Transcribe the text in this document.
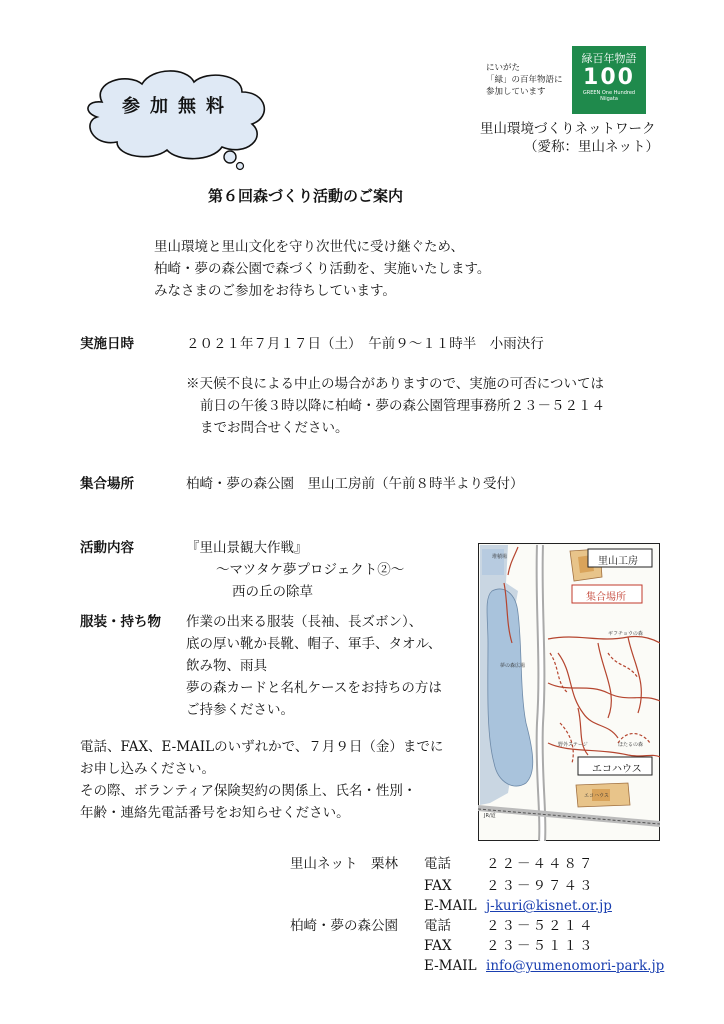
参加無料
にいがた
「緑」の百年物語に
参加しています
緑百年物語
100
GREEN One Hundred
Niigata
里山環境づくりネットワーク
（愛称：里山ネット）
第６回森づくり活動のご案内
里山環境と里山文化を守り次世代に受け継ぐため、
柏崎・夢の森公園で森づくり活動を、実施いたします。
みなさまのご参加をお待ちしています。
実施日時	２０２１年７月１７日（土）　午前９～１１時半　小雨決行
※天候不良による中止の場合がありますので、実施の可否については
前日の午後３時以降に柏崎・夢の森公園管理事務所２３－５２１４
までお問合せください。
集合場所	柏崎・夢の森公園　里山工房前（午前８時半より受付）
活動内容	『里山景観大作戦』
～マツタケ夢プロジェクト②～
西の丘の除草
服装・持ち物 作業の出来る服装（長袖、長ズボン）、
底の厚い靴か長靴、帽子、軍手、タオル、
飲み物、雨具
夢の森カードと名札ケースをお持ちの方は
ご持参ください。
電話、FAX、E-MAILのいずれかで、７月９日（金）までに
お申し込みください。
その際、ボランティア保険契約の関係上、氏名・性別・
年齢・連絡先電話番号をお知らせください。
堆積場
ギフチョウの森
夢の森広場
野外ステージ	ほたるの森
エコハウス
JR/道
里山工房
集合場所
エコハウス
里山ネット　栗林 電話	２２－４４８７
FAX	２３－９７４３
E-MAIL j-kuri@kisnet.or.jp
柏崎・夢の森公園 電話	２３－５２１４
FAX	２３－５１１３
E-MAIL info@yumenomori-park.jp
